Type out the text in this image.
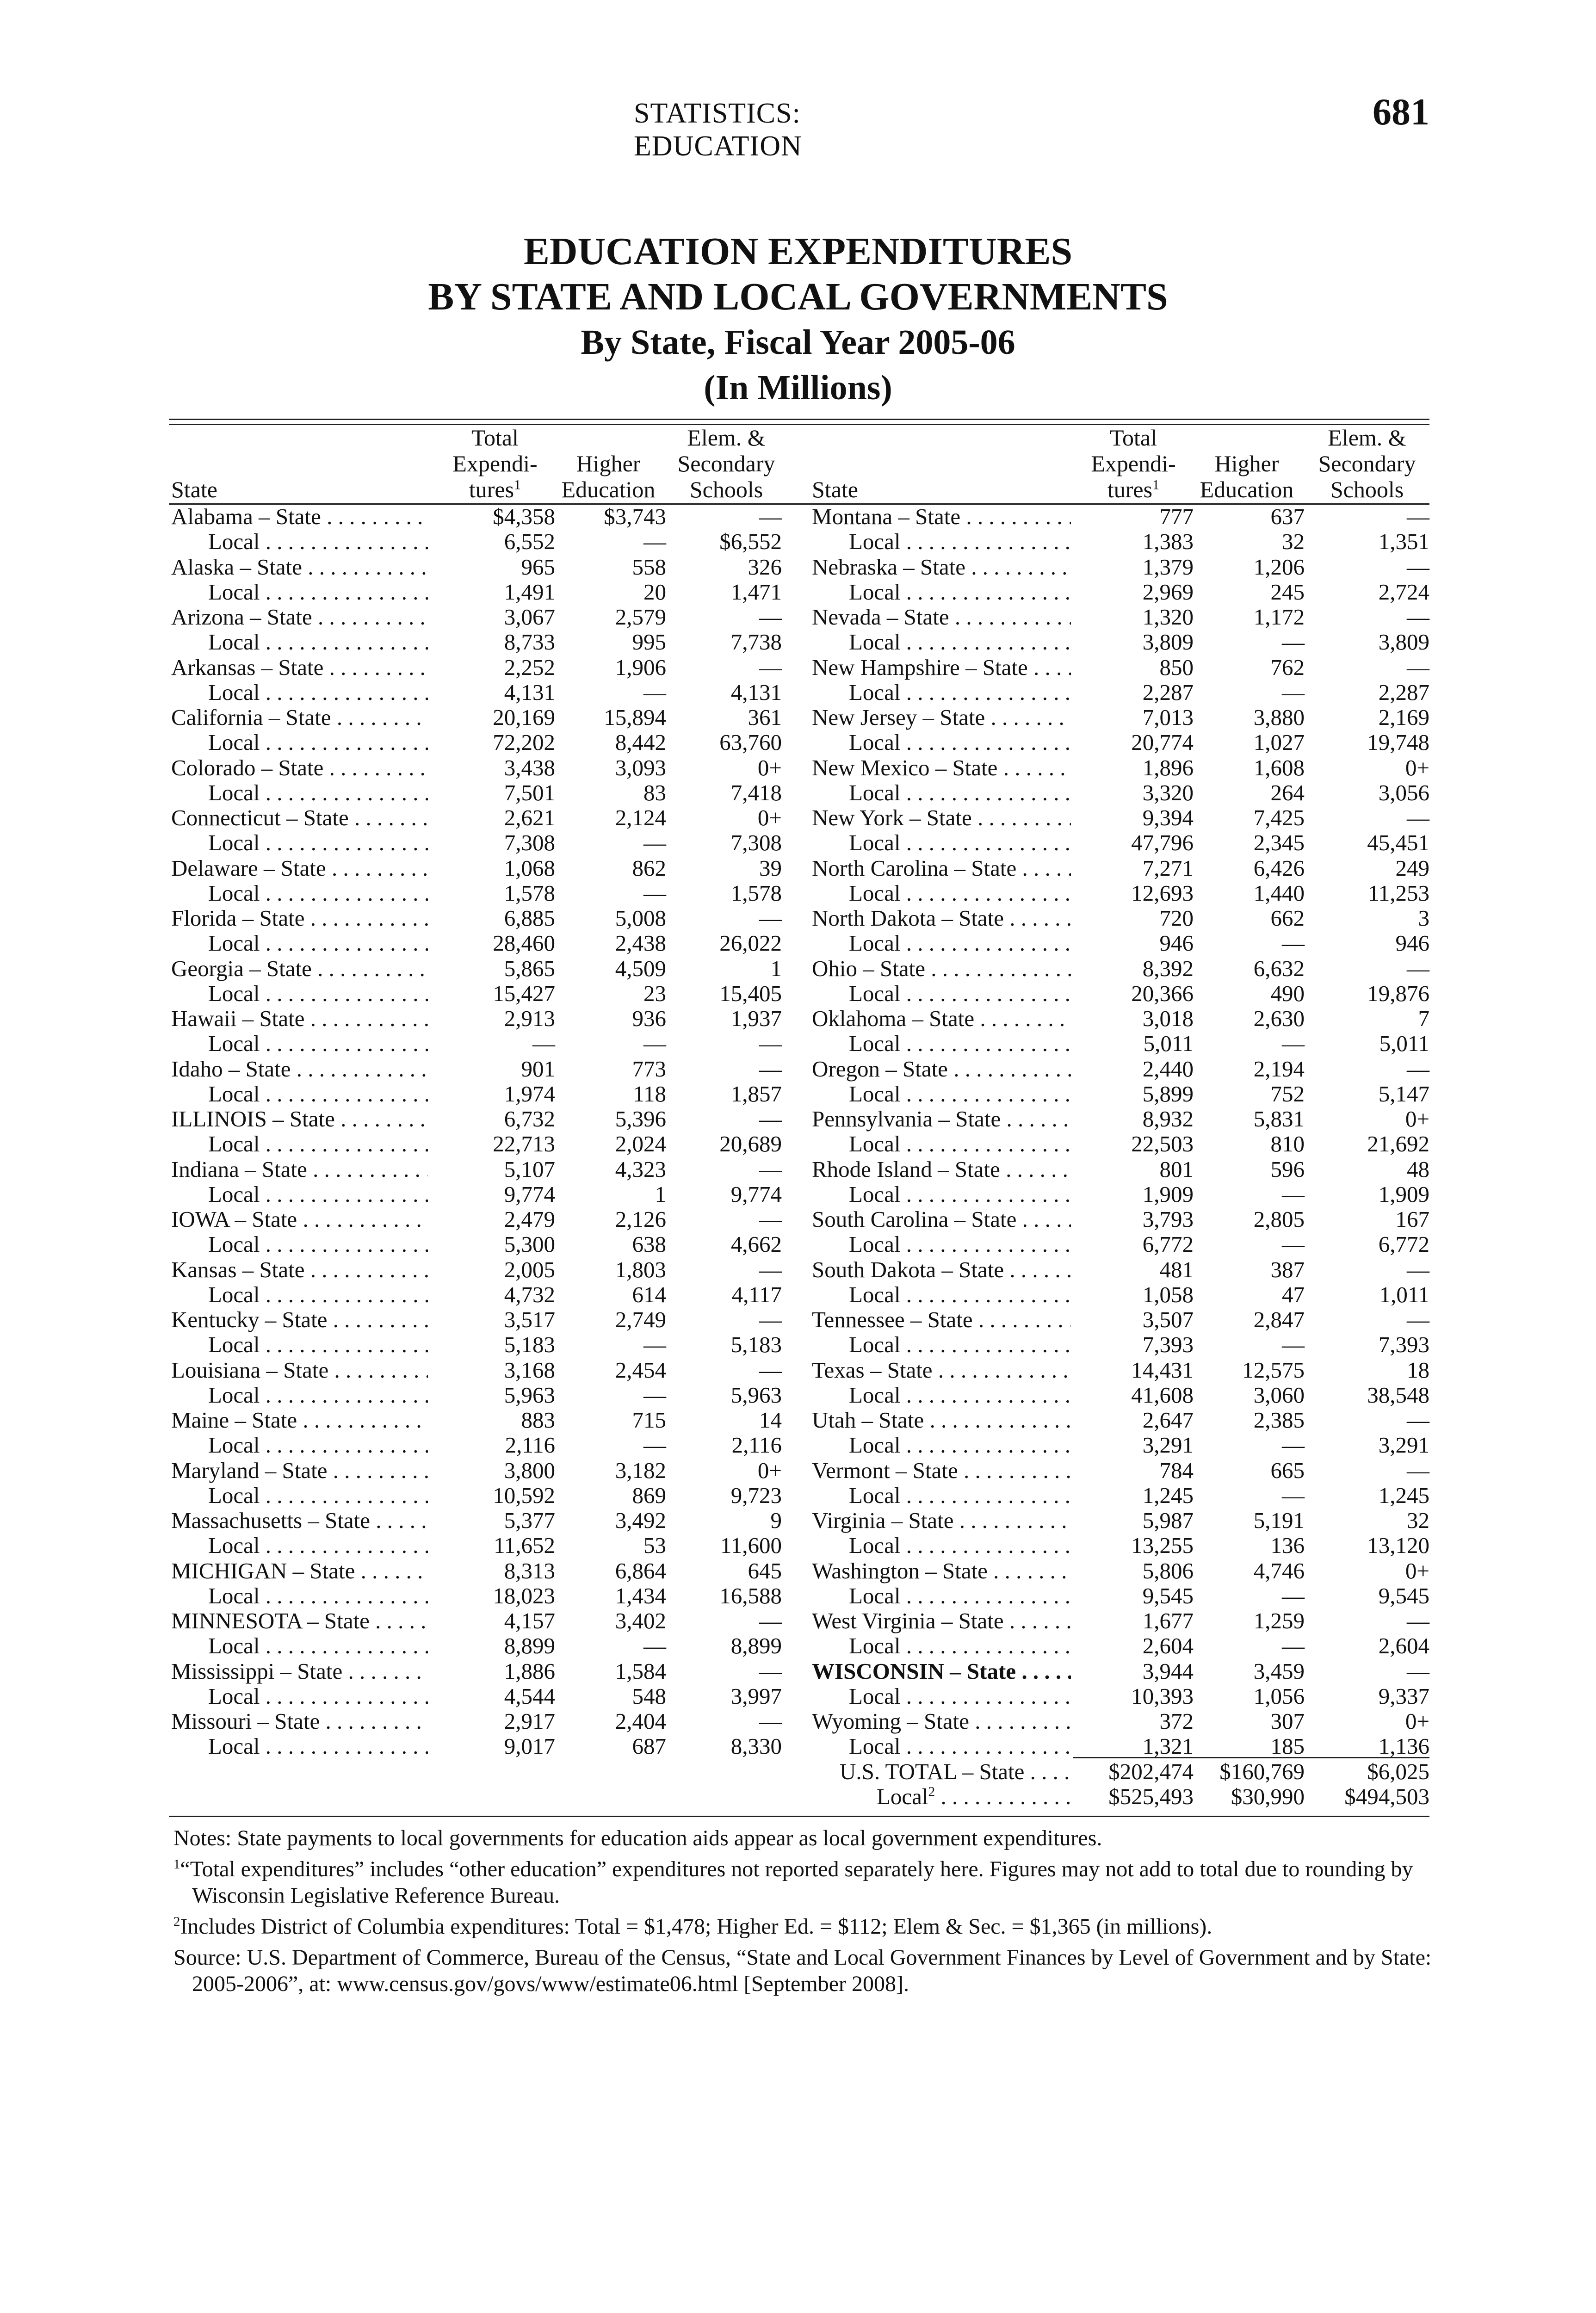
STATISTICS: EDUCATION
681
EDUCATION EXPENDITURES
BY STATE AND LOCAL GOVERNMENTS
By State, Fiscal Year 2005-06
(In Millions)
State
Total
Expendi-
tures$^1$
Higher
Education
Elem. &
Secondary
Schools	State
Total
Expendi-
tures$^1$
Higher
Education
Elem. &
Secondary
Schools
Alabama – State . . .	$4,358	$3,743	— Montana – State . . .	777	637	—
Local . . .	6,552	—	$6,552	Local . . .	1,383	32	1,351
Alaska – State . . .	965	558	326 Nebraska – State . . .	1,379	1,206	—
Local . . .	1,491	20	1,471	Local . . .	2,969	245	2,724
Arizona – State . . .	3,067	2,579	— Nevada – State . . .	1,320	1,172	—
Local . . .	8,733	995	7,738	Local . . .	3,809	—	3,809
Arkansas – State . . .	2,252	1,906	— New Hampshire – State . . .	850	762	—
Local . . .	4,131	—	4,131	Local . . .	2,287	—	2,287
California – State . . .	20,169	15,894	361 New Jersey – State . . .	7,013	3,880	2,169
Local . . .	72,202	8,442	63,760	Local . . .	20,774	1,027	19,748
Colorado – State . . .	3,438	3,093	0+ New Mexico – State . . .	1,896	1,608	0+
Local . . .	7,501	83	7,418	Local . . .	3,320	264	3,056
Connecticut – State . . .	2,621	2,124	0+ New York – State . . .	9,394	7,425	—
Local . . .	7,308	—	7,308	Local . . .	47,796	2,345	45,451
Delaware – State . . .	1,068	862	39 North Carolina – State . . .	7,271	6,426	249
Local . . .	1,578	—	1,578	Local . . .	12,693	1,440	11,253
Florida – State . . .	6,885	5,008	— North Dakota – State . . .	720	662	3
Local . . .	28,460	2,438	26,022	Local . . .	946	—	946
Georgia – State . . .	5,865	4,509	1 Ohio – State . . .	8,392	6,632	—
Local . . .	15,427	23	15,405	Local . . .	20,366	490	19,876
Hawaii – State . . .	2,913	936	1,937 Oklahoma – State . . .	3,018	2,630	7
Local . . .	—	—	—	Local . . .	5,011	—	5,011
Idaho – State . . .	901	773	— Oregon – State . . .	2,440	2,194	—
Local . . .	1,974	118	1,857	Local . . .	5,899	752	5,147
ILLINOIS – State . . .	6,732	5,396	— Pennsylvania – State . . .	8,932	5,831	0+
Local . . .	22,713	2,024	20,689	Local . . .	22,503	810	21,692
Indiana – State . . .	5,107	4,323	— Rhode Island – State . . .	801	596	48
Local . . .	9,774	1	9,774	Local . . .	1,909	—	1,909
IOWA – State . . .	2,479	2,126	— South Carolina – State . . .	3,793	2,805	167
Local . . .	5,300	638	4,662	Local . . .	6,772	—	6,772
Kansas – State . . .	2,005	1,803	— South Dakota – State . . .	481	387	—
Local . . .	4,732	614	4,117	Local . . .	1,058	47	1,011
Kentucky – State . . .	3,517	2,749	— Tennessee – State . . .	3,507	2,847	—
Local . . .	5,183	—	5,183	Local . . .	7,393	—	7,393
Louisiana – State . . .	3,168	2,454	— Texas – State . . .	14,431	12,575	18
Local . . .	5,963	—	5,963	Local . . .	41,608	3,060	38,548
Maine – State . . .	883	715	14 Utah – State . . .	2,647	2,385	—
Local . . .	2,116	—	2,116	Local . . .	3,291	—	3,291
Maryland – State . . .	3,800	3,182	0+ Vermont – State . . .	784	665	—
Local . . .	10,592	869	9,723	Local . . .	1,245	—	1,245
Massachusetts – State . . .	5,377	3,492	9 Virginia – State . . .	5,987	5,191	32
Local . . .	11,652	53	11,600	Local . . .	13,255	136	13,120
MICHIGAN – State . . .	8,313	6,864	645 Washington – State . . .	5,806	4,746	0+
Local . . .	18,023	1,434	16,588	Local . . .	9,545	—	9,545
MINNESOTA – State . . .	4,157	3,402	— West Virginia – State . . .	1,677	1,259	—
Local . . .	8,899	—	8,899	Local . . .	2,604	—	2,604
Mississippi – State . . .	1,886	1,584	— WISCONSIN – State . . .	3,944	3,459	—
Local . . .	4,544	548	3,997	Local . . .	10,393	1,056	9,337
Missouri – State . . .	2,917	2,404	— Wyoming – State . . .	372	307	0+
Local . . .	9,017	687	8,330	Local . . .	1,321	185	1,136
U.S. TOTAL – State . . .	$202,474	$160,769	$6,025
Local$^2$ . . .	$525,493	$30,990	$494,503

Notes: State payments to local governments for education aids appear as local government expenditures.

$^1$“Total expenditures” includes “other education” expenditures not reported separately here. Figures may not add to total due to rounding by Wisconsin Legislative Reference Bureau.

$^2$Includes District of Columbia expenditures: Total = $1,478; Higher Ed. = $112; Elem & Sec. = $1,365 (in millions).

Source: U.S. Department of Commerce, Bureau of the Census, “State and Local Government Finances by Level of Government and by State: 2005-2006”, at: www.census.gov/govs/www/estimate06.html [September 2008].
